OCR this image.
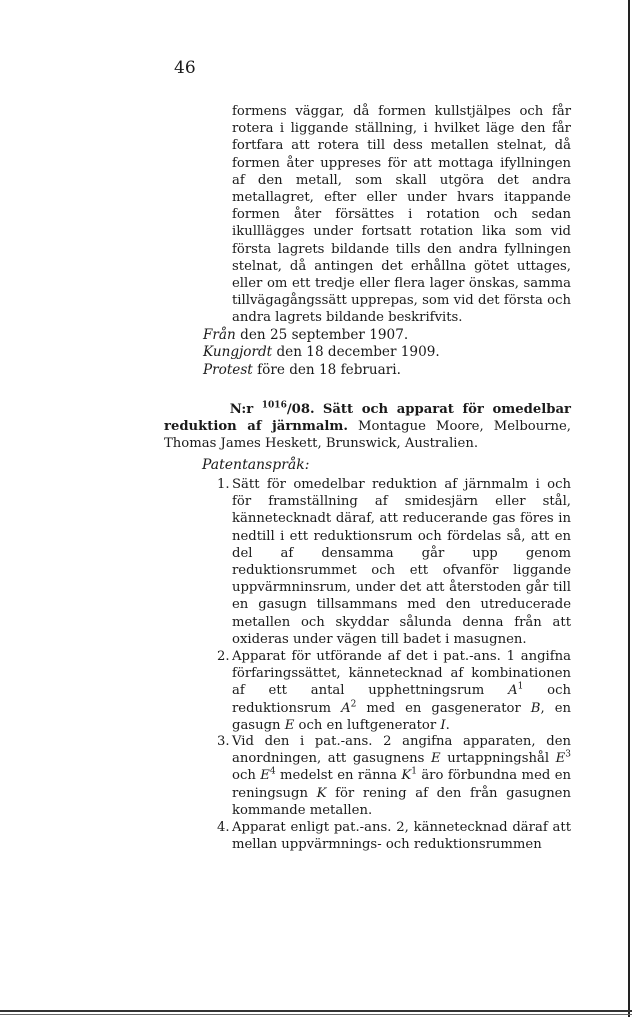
46
formens väggar, då formen kullstjälpes och får rotera i liggande ställning, i hvilket läge den får fortfara att rotera till dess metallen stelnat, då formen åter uppreses för att mottaga ifyllningen af den metall, som skall utgöra det andra metallagret, efter eller under hvars itappande formen åter försättes i rotation och sedan ikulllägges under fortsatt rotation lika som vid första lagrets bildande tills den andra fyllningen stelnat, då antingen det erhållna götet uttages, eller om ett tredje eller flera lager önskas, samma tillvägagångssätt upprepas, som vid det första och andra lagrets bildande beskrifvits.
Från den 25 september 1907.
Kungjordt den 18 december 1909.
Protest före den 18 februari.
N:r $^{1016}$/08. Sätt och apparat för omedelbar reduktion af järnmalm. Montague Moore, Melbourne, Thomas James Heskett, Brunswick, Australien.
Patentanspråk:
1. Sätt för omedelbar reduktion af järnmalm i och för framställning af smidesjärn eller stål, kännetecknadt däraf, att reducerande gas föres in nedtill i ett reduktionsrum och fördelas så, att en del af densamma går upp genom reduktionsrummet och ett ofvanför liggande uppvärmninsrum, under det att återstoden går till en gasugn tillsammans med den utreducerade metallen och skyddar sålunda denna från att oxideras under vägen till badet i masugnen.
2. Apparat för utförande af det i pat.-ans. 1 angifna förfaringssättet, kännetecknad af kombinationen af ett antal upphettningsrum $A^1$ och reduktionsrum $A^2$ med en gasgenerator B, en gasugn E och en luftgenerator I.
3. Vid den i pat.-ans. 2 angifna apparaten, den anordningen, att gasugnens E urtappningshål $E^3$ och $E^4$ medelst en ränna $K^1$ äro förbundna med en reningsugn K för rening af den från gasugnen kommande metallen.
4. Apparat enligt pat.-ans. 2, kännetecknad däraf att mellan uppvärmnings- och reduktionsrummen
